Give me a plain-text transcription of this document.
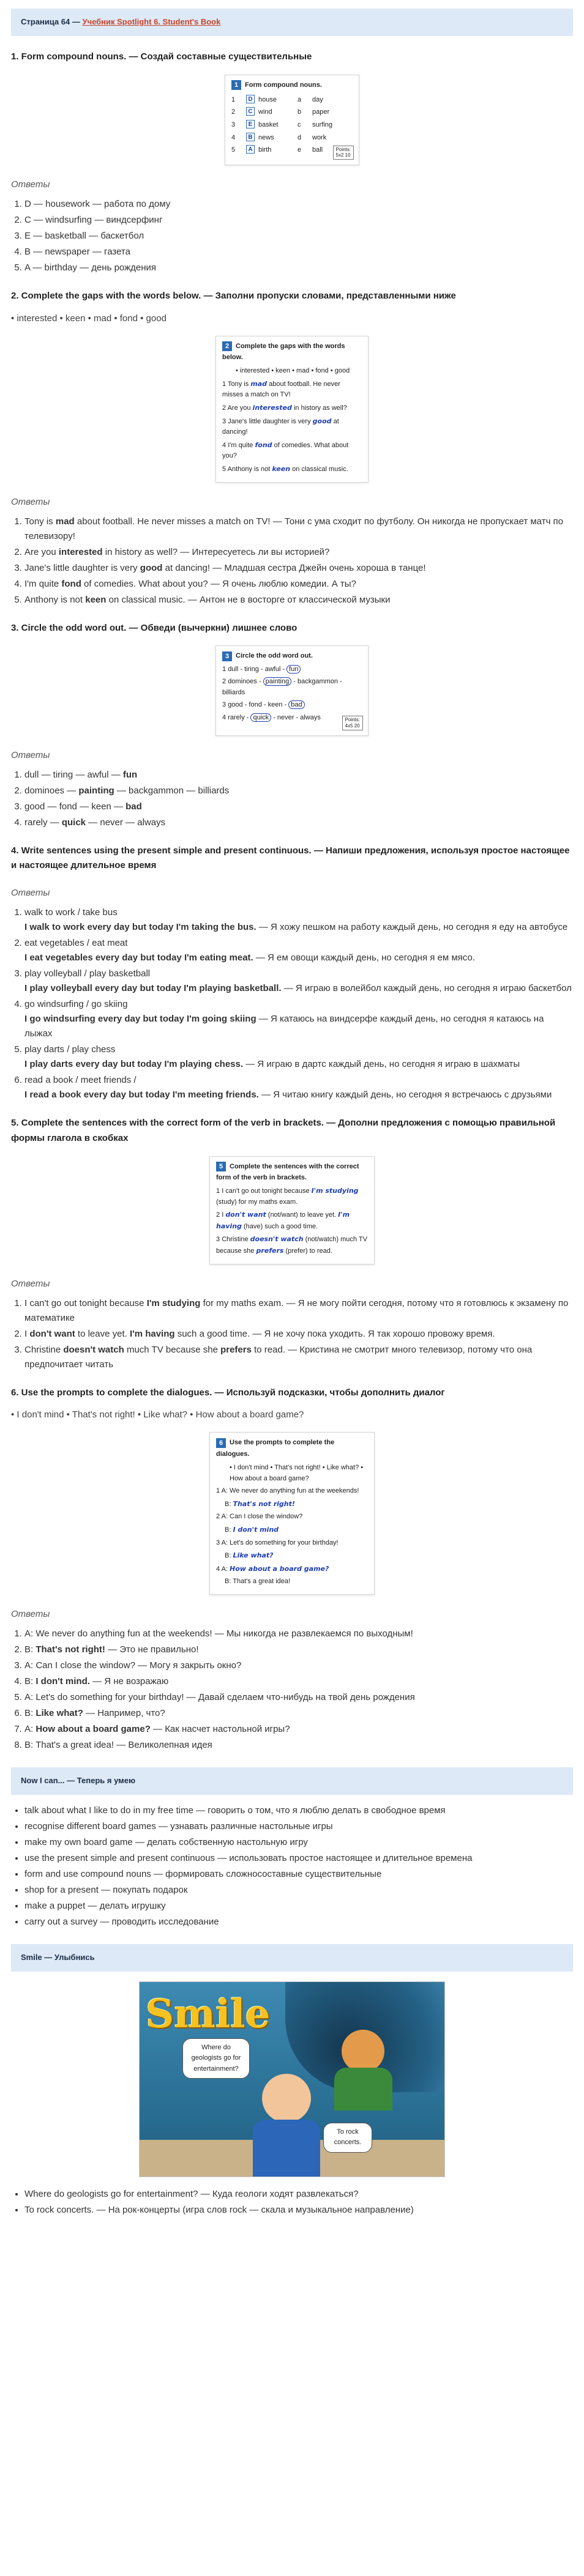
Страница 64 — Учебник Spotlight 6. Student's Book
1. Form compound nouns. — Создай составные существительные
1 Form compound nouns.
1	D house	a	day
2	C wind	b	paper
3	E basket	c	surfing
4	B news	d	work
5	A birth	e	ball	Points:
5x2 10
Ответы
1. D — housework — работа по дому
2. C — windsurfing — виндсерфинг
3. E — basketball — баскетбол
4. B — newspaper — газета
5. A — birthday — день рождения
2. Complete the gaps with the words below. — Заполни пропуски словами, представленными ниже
• interested • keen • mad • fond • good
2 Complete the gaps with the words below.
• interested • keen • mad • fond • good
1 Tony is mad about football. He never misses a match on TV!
2 Are you interested in history as well?
3 Jane's little daughter is very good at dancing!
4 I'm quite fond of comedies. What about you?
5 Anthony is not keen on classical music.
Ответы
1. Tony is mad about football. He never misses a match on TV! — Тони с ума сходит по футболу. Он никогда не пропускает матч по телевизору!
2. Are you interested in history as well? — Интересуетесь ли вы историей?
3. Jane's little daughter is very good at dancing! — Младшая сестра Джейн очень хороша в танце!
4. I'm quite fond of comedies. What about you? — Я очень люблю комедии. А ты?
5. Anthony is not keen on classical music. — Антон не в восторге от классической музыки
3. Circle the odd word out. — Обведи (вычеркни) лишнее слово
3 Circle the odd word out.
1 dull - tiring - awful - fun
2 dominoes - painting - backgammon - billiards
3 good - fond - keen - bad
4 rarely - quick - never - always	Points:
4x5 20
Ответы
1. dull — tiring — awful — fun
2. dominoes — painting — backgammon — billiards
3. good — fond — keen — bad
4. rarely — quick — never — always
4. Write sentences using the present simple and present continuous. — Напиши предложения, используя простое настоящее и настоящее длительное время
Ответы
1. walk to work / take bus
I walk to work every day but today I'm taking the bus. — Я хожу пешком на работу каждый день, но сегодня я еду на автобусе
2. eat vegetables / eat meat
I eat vegetables every day but today I'm eating meat. — Я ем овощи каждый день, но сегодня я ем мясо.
3. play volleyball / play basketball
I play volleyball every day but today I'm playing basketball. — Я играю в волейбол каждый день, но сегодня я играю баскетбол
4. go windsurfing / go skiing
I go windsurfing every day but today I'm going skiing — Я катаюсь на виндсерфе каждый день, но сегодня я катаюсь на лыжах
5. play darts / play chess
I play darts every day but today I'm playing chess. — Я играю в дартс каждый день, но сегодня я играю в шахматы
6. read a book / meet friends /
I read a book every day but today I'm meeting friends. — Я читаю книгу каждый день, но сегодня я встречаюсь с друзьями
5. Complete the sentences with the correct form of the verb in brackets. — Дополни предложения с помощью правильной формы глагола в скобках
5 Complete the sentences with the correct form of the verb in brackets.
1 I can't go out tonight because I'm studying (study) for my maths exam.
2 I don't want (not/want) to leave yet. I'm having (have) such a good time.
3 Christine doesn't watch (not/watch) much TV because she prefers (prefer) to read.
Ответы
1. I can't go out tonight because I'm studying for my maths exam. — Я не могу пойти сегодня, потому что я готовлюсь к экзамену по математике
2. I don't want to leave yet. I'm having such a good time. — Я не хочу пока уходить. Я так хорошо провожу время.
3. Christine doesn't watch much TV because she prefers to read. — Кристина не смотрит много телевизор, потому что она предпочитает читать
6. Use the prompts to complete the dialogues. — Используй подсказки, чтобы дополнить диалог
• I don't mind • That's not right! • Like what? • How about a board game?
6 Use the prompts to complete the dialogues.
• I don't mind • That's not right! • Like what? • How about a board game?
1 A: We never do anything fun at the weekends!
B: That's not right!
2 A: Can I close the window?
B: I don't mind
3 A: Let's do something for your birthday!
B: Like what?
4 A: How about a board game?
B: That's a great idea!
Ответы
1. A: We never do anything fun at the weekends! — Мы никогда не развлекаемся по выходным!
2. B: That's not right! — Это не правильно!
3. A: Can I close the window? — Могу я закрыть окно?
4. B: I don't mind. — Я не возражаю
5. A: Let's do something for your birthday! — Давай сделаем что-нибудь на твой день рождения
6. B: Like what? — Например, что?
7. A: How about a board game? — Как насчет настольной игры?
8. B: That's a great idea! — Великолепная идея
Now I can... — Теперь я умею
• talk about what I like to do in my free time — говорить о том, что я люблю делать в свободное время
• recognise different board games — узнавать различные настольные игры
• make my own board game — делать собственную настольную игру
• use the present simple and present continuous — использовать простое настоящее и длительное времена
• form and use compound nouns — формировать сложносоставные существительные
• shop for a present — покупать подарок
• make a puppet — делать игрушку
• carry out a survey — проводить исследование
Smile — Улыбнись
Smile
Where do geologists go for entertainment?
To rock concerts.
• Where do geologists go for entertainment? — Куда геологи ходят развлекаться?
• To rock concerts. — На рок-концерты (игра слов rock — скала и музыкальное направление)
